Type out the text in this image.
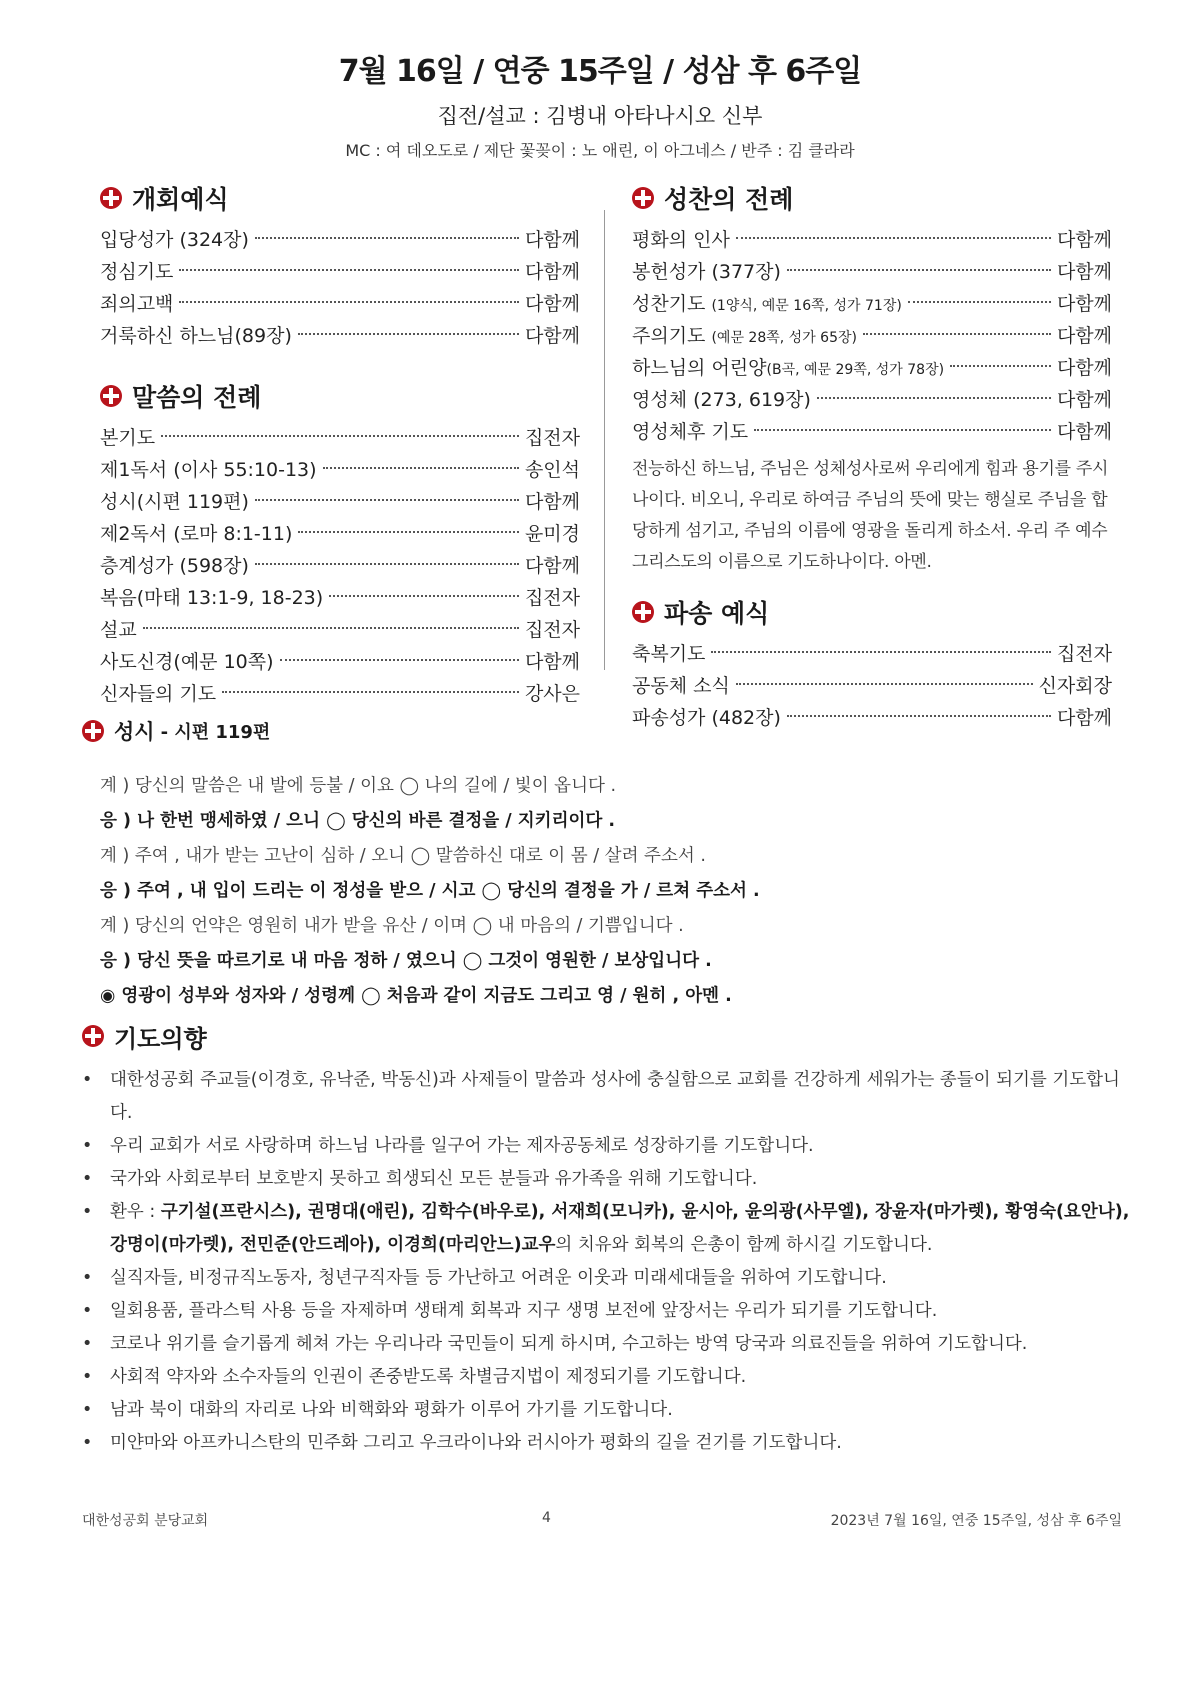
7월 16일 / 연중 15주일 / 성삼 후 6주일
집전/설교 : 김병내 아타나시오 신부
MC : 여 데오도로 / 제단 꽃꽂이 : 노 애린, 이 아그네스 / 반주 : 김 클라라
개회예식
입당성가 (324장)	다함께
정심기도	다함께
죄의고백	다함께
거룩하신 하느님(89장)	다함께
말씀의 전례
본기도	집전자
제1독서 (이사 55:10-13)	송인석
성시(시편 119편)	다함께
제2독서 (로마 8:1-11)	윤미경
층계성가 (598장)	다함께
복음(마태 13:1-9, 18-23)	집전자
설교	집전자
사도신경(예문 10쪽)	다함께
신자들의 기도	강사은
성찬의 전례
평화의 인사	다함께
봉헌성가 (377장)	다함께
성찬기도 (1양식, 예문 16쪽, 성가 71장)	다함께
주의기도 (예문 28쪽, 성가 65장)	다함께
하느님의 어린양(B곡, 예문 29쪽, 성가 78장)	다함께
영성체 (273, 619장)	다함께
영성체후 기도	다함께
전능하신 하느님, 주님은 성체성사로써 우리에게 힘과 용기를 주시나이다. 비오니, 우리로 하여금 주님의 뜻에 맞는 행실로 주님을 합당하게 섬기고, 주님의 이름에 영광을 돌리게 하소서. 우리 주 예수 그리스도의 이름으로 기도하나이다. 아멘.
파송 예식
축복기도	집전자
공동체 소식	신자회장
파송성가 (482장)	다함께
성시 - 시편 119편
계 ) 당신의 말씀은 내 발에 등불 / 이요 ◯ 나의 길에 / 빛이 옵니다 .
응 ) 나 한번 맹세하였 / 으니 ◯ 당신의 바른 결정을 / 지키리이다 .
계 ) 주여 , 내가 받는 고난이 심하 / 오니 ◯ 말씀하신 대로 이 몸 / 살려 주소서 .
응 ) 주여 , 내 입이 드리는 이 정성을 받으 / 시고 ◯ 당신의 결정을 가 / 르쳐 주소서 .
계 ) 당신의 언약은 영원히 내가 받을 유산 / 이며 ◯ 내 마음의 / 기쁨입니다 .
응 ) 당신 뜻을 따르기로 내 마음 정하 / 였으니 ◯ 그것이 영원한 / 보상입니다 .
◉ 영광이 성부와 성자와 / 성령께 ◯ 처음과 같이 지금도 그리고 영 / 원히 , 아멘 .
기도의향
•	대한성공회 주교들(이경호, 유낙준, 박동신)과 사제들이 말씀과 성사에 충실함으로 교회를 건강하게 세워가는 종들이 되기를 기도합니다.
•	우리 교회가 서로 사랑하며 하느님 나라를 일구어 가는 제자공동체로 성장하기를 기도합니다.
•	국가와 사회로부터 보호받지 못하고 희생되신 모든 분들과 유가족을 위해 기도합니다.
•	환우 : 구기설(프란시스), 권명대(애린), 김학수(바우로), 서재희(모니카), 윤시아, 윤의광(사무엘), 장윤자(마가렛), 황영숙(요안나), 강명이(마가렛), 전민준(안드레아), 이경희(마리안느)교우의 치유와 회복의 은총이 함께 하시길 기도합니다.
•	실직자들, 비정규직노동자, 청년구직자들 등 가난하고 어려운 이웃과 미래세대들을 위하여 기도합니다.
•	일회용품, 플라스틱 사용 등을 자제하며 생태계 회복과 지구 생명 보전에 앞장서는 우리가 되기를 기도합니다.
•	코로나 위기를 슬기롭게 헤쳐 가는 우리나라 국민들이 되게 하시며, 수고하는 방역 당국과 의료진들을 위하여 기도합니다.
•	사회적 약자와 소수자들의 인권이 존중받도록 차별금지법이 제정되기를 기도합니다.
•	남과 북이 대화의 자리로 나와 비핵화와 평화가 이루어 가기를 기도합니다.
•	미얀마와 아프카니스탄의 민주화 그리고 우크라이나와 러시아가 평화의 길을 걷기를 기도합니다.
대한성공회 분당교회	4	2023년 7월 16일, 연중 15주일, 성삼 후 6주일
